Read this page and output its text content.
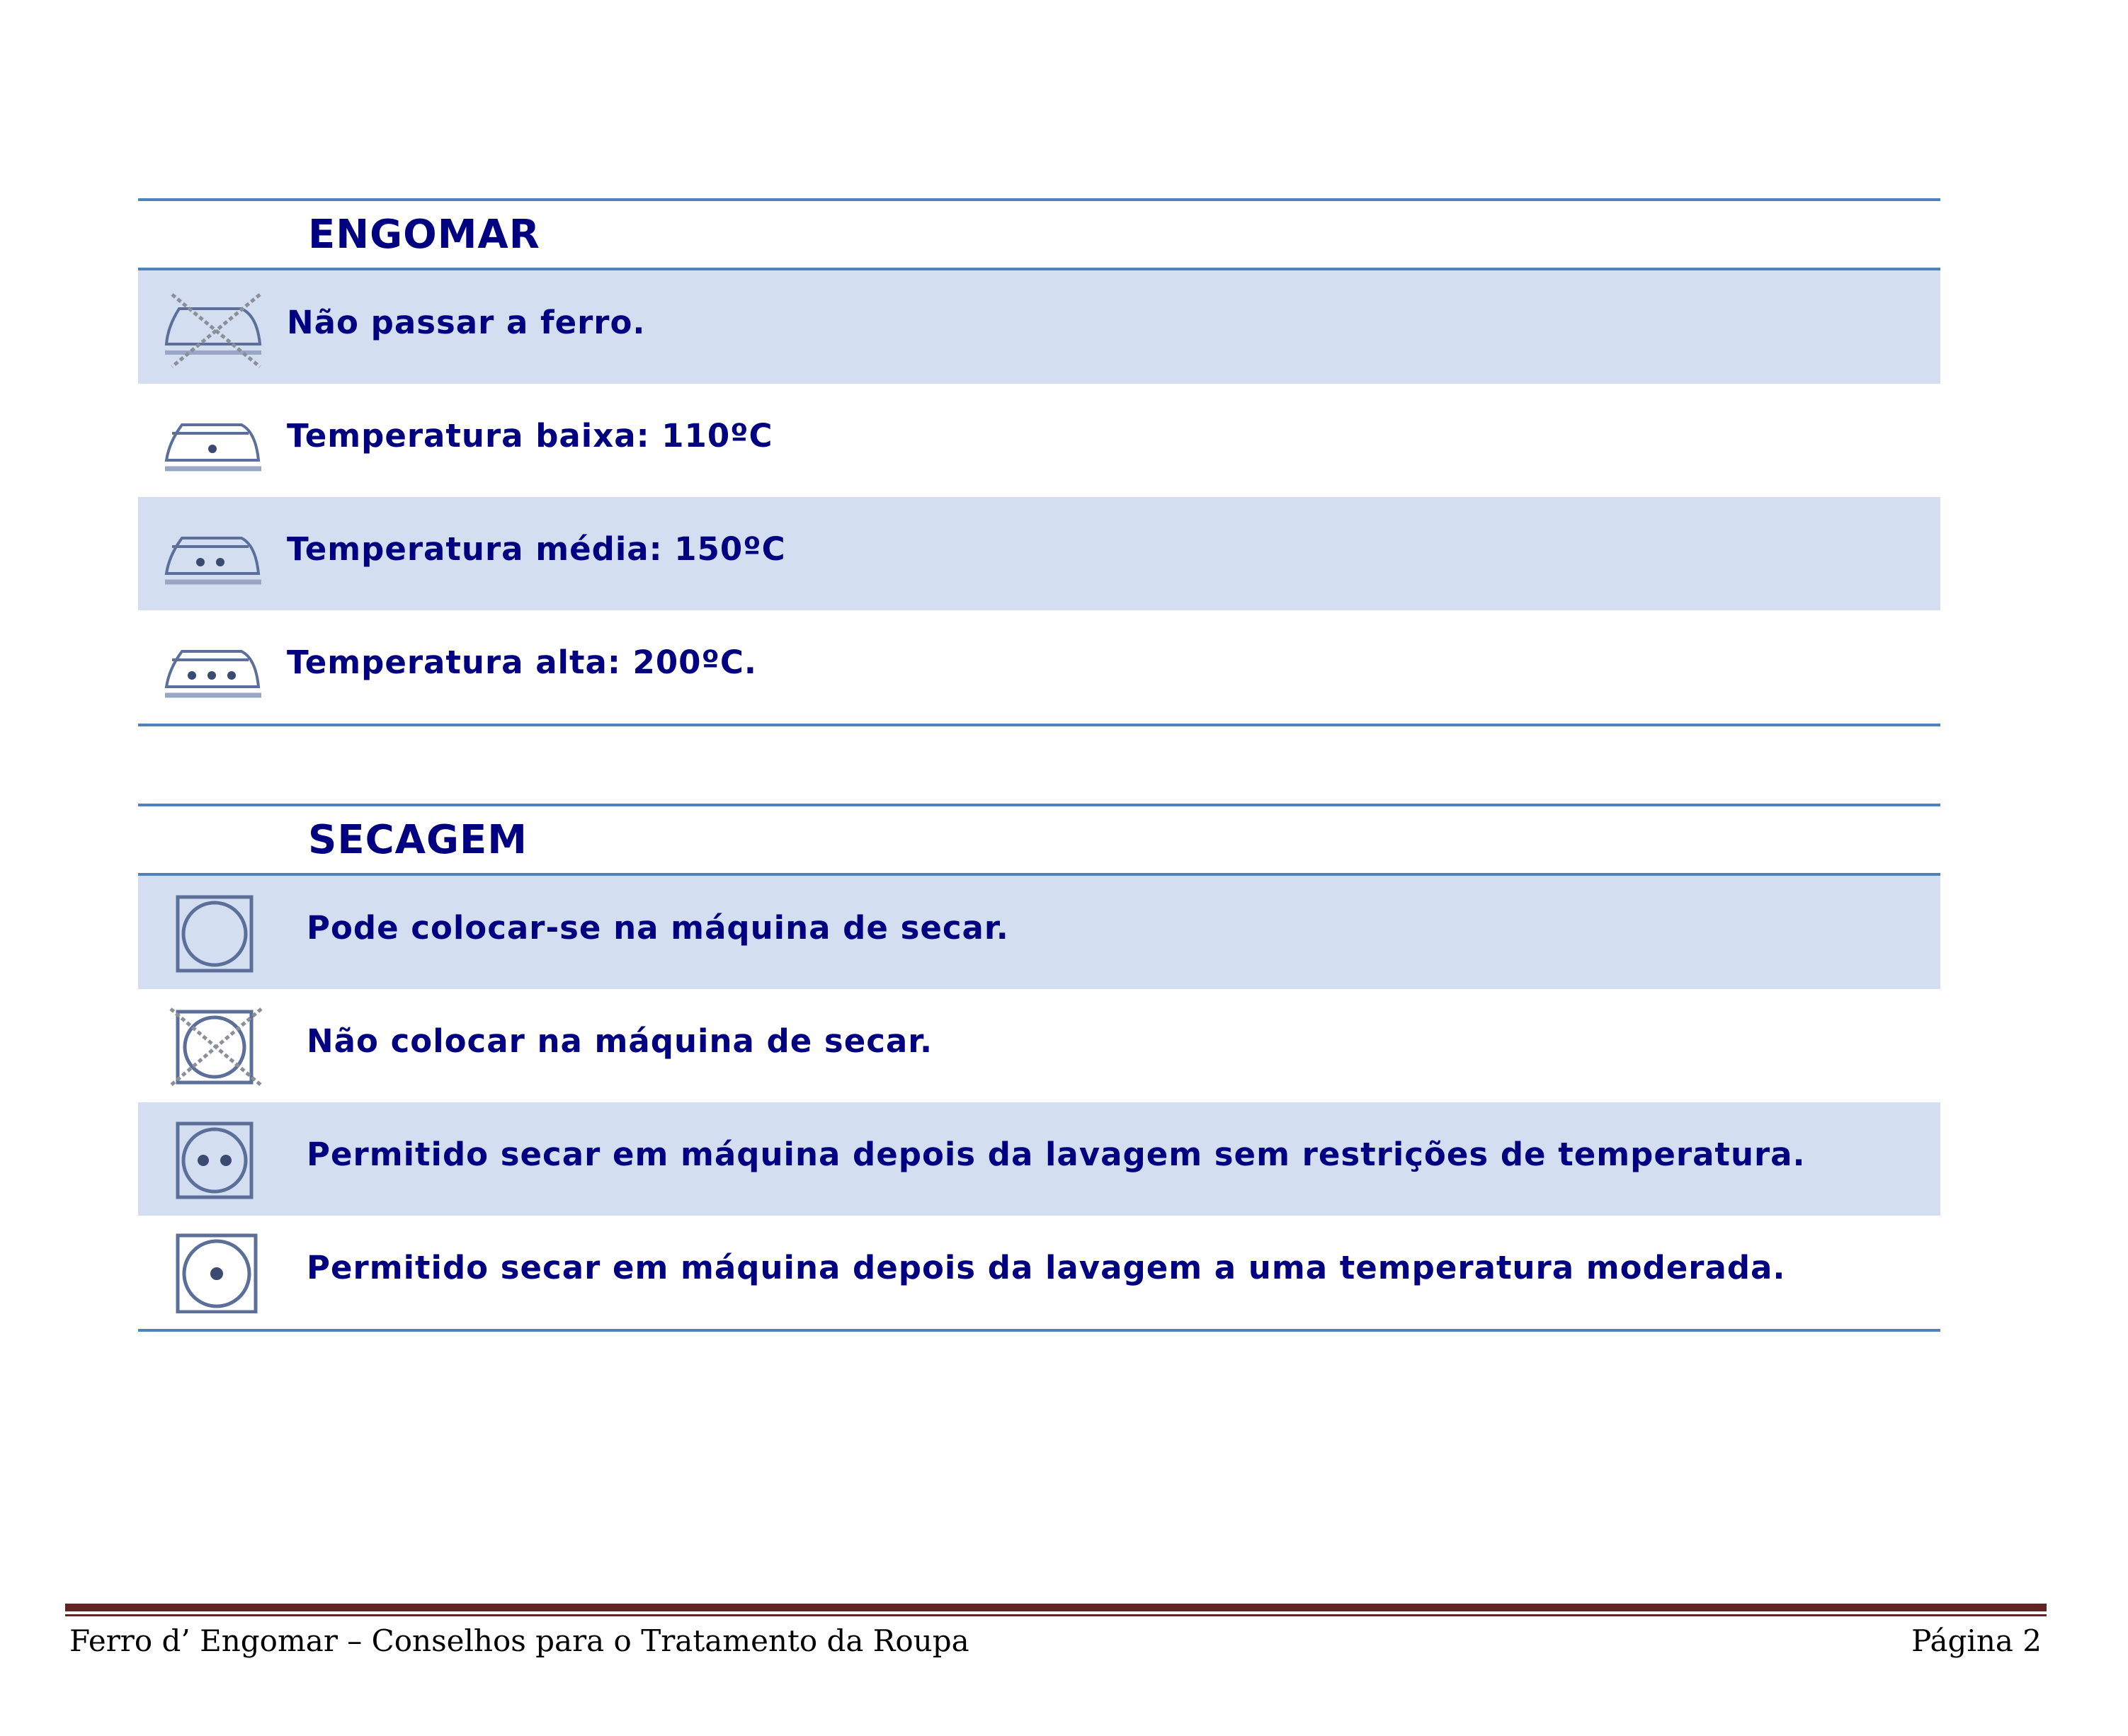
ENGOMAR
Não passar a ferro.
Temperatura baixa: 110ºC
Temperatura média: 150ºC
Temperatura alta: 200ºC.
SECAGEM
Pode colocar-se na máquina de secar.
Não colocar na máquina de secar.
Permitido secar em máquina depois da lavagem sem restrições de temperatura.
Permitido secar em máquina depois da lavagem a uma temperatura moderada.
Ferro d’ Engomar – Conselhos para o Tratamento da Roupa	Página 2
